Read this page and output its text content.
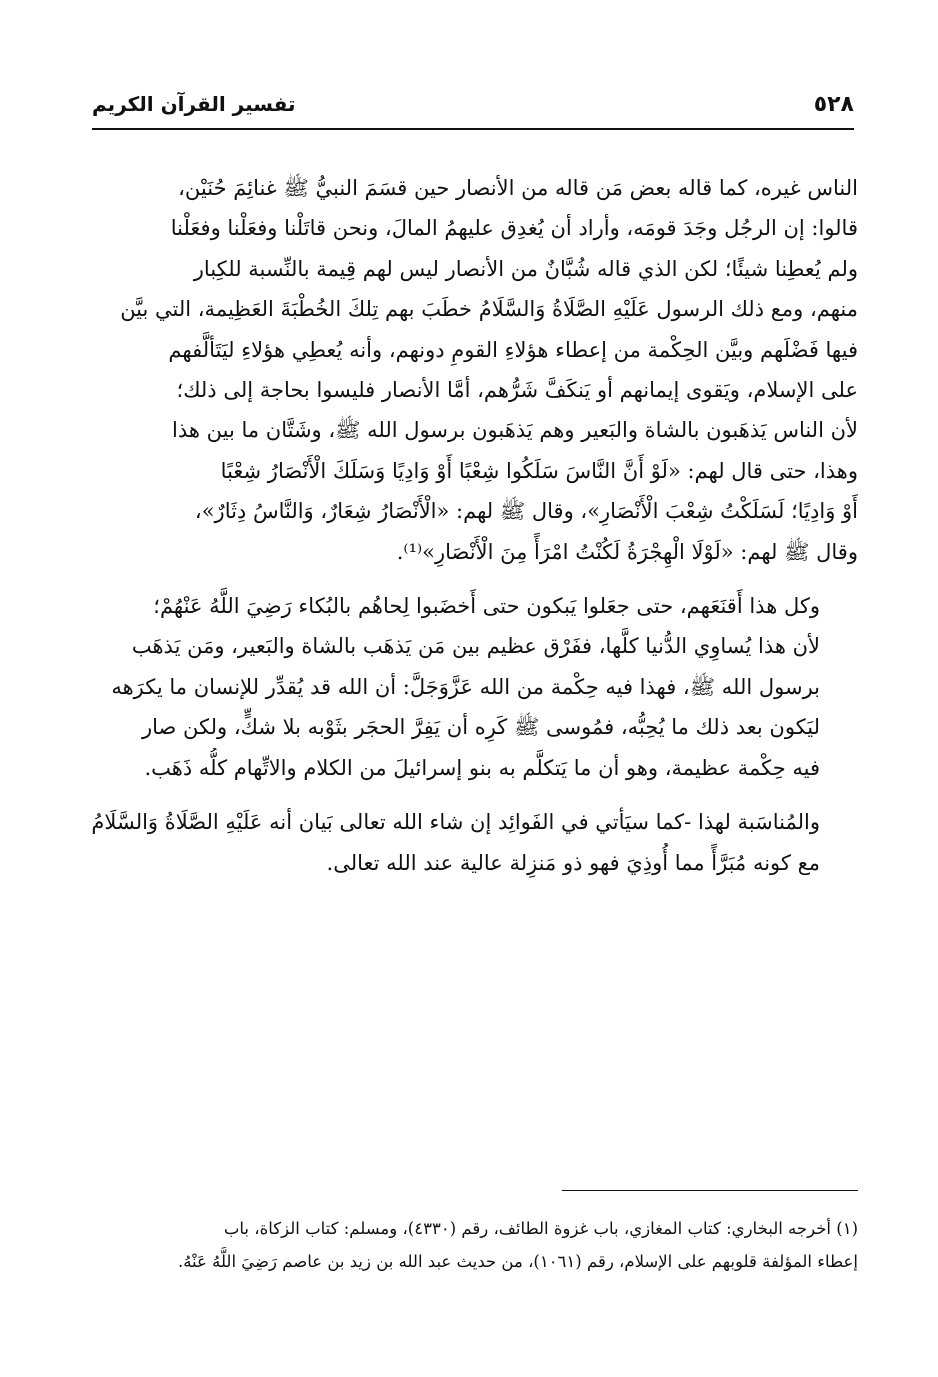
٥٢٨
تفسير القرآن الكريم

الناس غيره، كما قاله بعض مَن قاله من الأنصار حين قسَمَ النبيُّ ﷺ غنائِمَ حُنَيْن،
قالوا: إن الرجُل وجَدَ قومَه، وأراد أن يُغدِق عليهمُ المالَ، ونحن قاتَلْنا وفعَلْنا وفعَلْنا
ولم يُعطِنا شيئًا؛ لكن الذي قاله شُبَّانٌ من الأنصار ليس لهم قِيمة بالنِّسبة للكِبار
منهم، ومع ذلك الرسول عَلَيْهِ الصَّلَاةُ وَالسَّلَامُ خطَبَ بهم تِلكَ الخُطْبَةَ العَظِيمة، التي بيَّن
فيها فَضْلَهم وبيَّن الحِكْمة من إعطاء هؤلاءِ القومِ دونهم، وأنه يُعطِي هؤلاءِ ليَتَألَّفهم
على الإسلام، ويَقوى إيمانهم أو يَنكَفَّ شَرُّهم، أمَّا الأنصار فليسوا بحاجة إلى ذلك؛
لأن الناس يَذهَبون بالشاة والبَعير وهم يَذهَبون برسول الله ﷺ، وشَتَّان ما بين هذا
وهذا، حتى قال لهم: «لَوْ أَنَّ النَّاسَ سَلَكُوا شِعْبًا أَوْ وَادِيًا وَسَلَكَ الْأَنْصَارُ شِعْبًا
أَوْ وَادِيًا؛ لَسَلَكْتُ شِعْبَ الْأَنْصَارِ»، وقال ﷺ لهم: «الْأَنْصَارُ شِعَارٌ، وَالنَّاسُ دِثَارٌ»،
وقال ﷺ لهم: «لَوْلَا الْهِجْرَةُ لَكُنْتُ امْرَأً مِنَ الْأَنْصَارِ»⁽¹⁾.

وكل هذا أَقنَعَهم، حتى جعَلوا يَبكون حتى أَخضَبوا لِحاهُم بالبُكاء رَضِيَ اللَّهُ عَنْهُمْ؛
لأن هذا يُساوِي الدُّنيا كلَّها، ففَرْق عظيم بين مَن يَذهَب بالشاة والبَعير، ومَن يَذهَب
برسول الله ﷺ، فهذا فيه حِكْمة من الله عَزَّوَجَلَّ: أن الله قد يُقدِّر للإنسان ما يكرَهه
ليَكون بعد ذلك ما يُحِبُّه، فمُوسى ﷺ كَرِه أن يَفِرَّ الحجَر بثَوْبه بلا شكٍّ، ولكن صار
فيه حِكْمة عظيمة، وهو أن ما يَتكلَّم به بنو إسرائيلَ من الكلام والاتِّهام كلُّه ذَهَب.

والمُناسَبة لهذا -كما سيَأتي في الفَوائِد إن شاء الله تعالى بَيان أنه عَلَيْهِ الصَّلَاةُ وَالسَّلَامُ
مع كونه مُبَرَّأً مما أُوذِيَ فهو ذو مَنزِلة عالية عند الله تعالى.

(١) أخرجه البخاري: كتاب المغازي، باب غزوة الطائف، رقم (٤٣٣٠)، ومسلم: كتاب الزكاة، باب
إعطاء المؤلفة قلوبهم على الإسلام، رقم (١٠٦١)، من حديث عبد الله بن زيد بن عاصم رَضِيَ اللَّهُ عَنْهُ.
